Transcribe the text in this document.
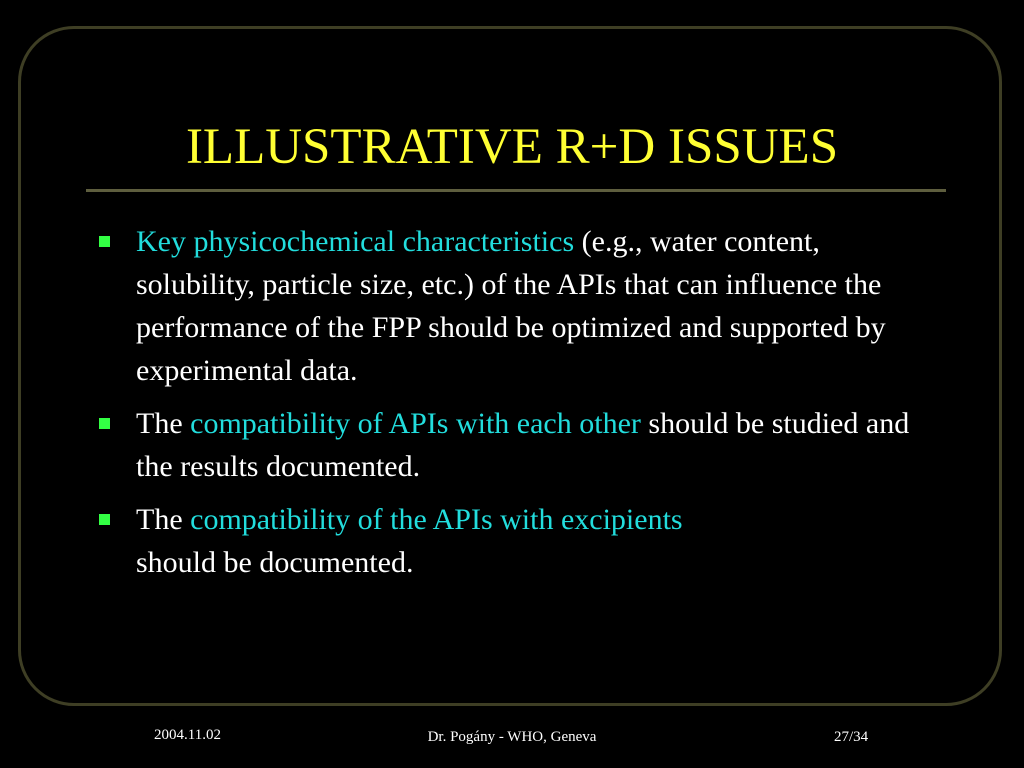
ILLUSTRATIVE R+D ISSUES
Key physicochemical characteristics (e.g., water content, solubility, particle size, etc.) of the APIs that can influence the performance of the FPP should be optimized and supported by experimental data.
The compatibility of APIs with each other should be studied and the results documented.
The compatibility of the APIs with excipients
should be documented.
2004.11.02	Dr. Pogány - WHO, Geneva	27/34
